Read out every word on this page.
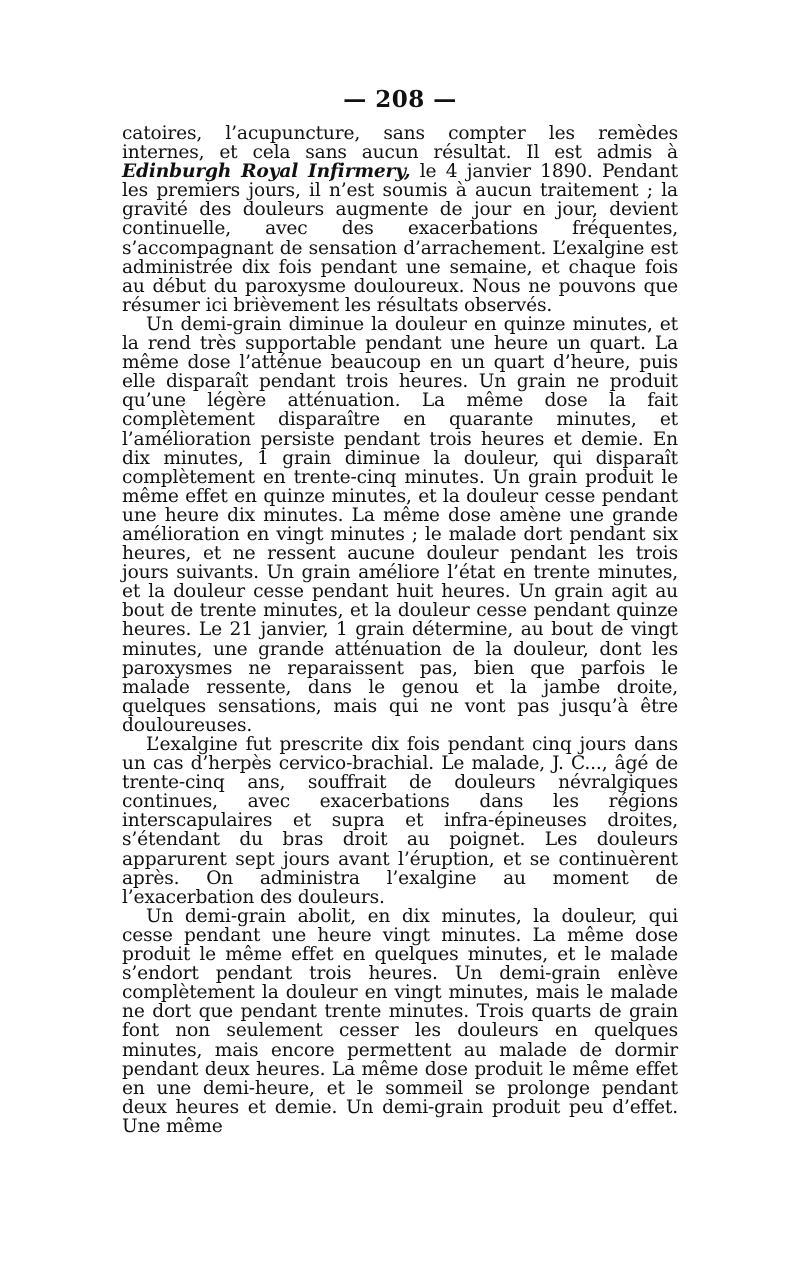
— 208 —

catoires, l’acupuncture, sans compter les remèdes internes, et cela sans aucun résultat. Il est admis à Edinburgh Royal Infirmery, le 4 janvier 1890. Pendant les premiers jours, il n’est soumis à aucun traitement ; la gravité des douleurs augmente de jour en jour, devient continuelle, avec des exacerbations fréquentes, s’accompagnant de sensation d’arrachement. L’exalgine est administrée dix fois pendant une semaine, et chaque fois au début du paroxysme douloureux. Nous ne pouvons que résumer ici brièvement les résultats observés.

Un demi-grain diminue la douleur en quinze minutes, et la rend très supportable pendant une heure un quart. La même dose l’atténue beaucoup en un quart d’heure, puis elle disparaît pendant trois heures. Un grain ne produit qu’une légère atténuation. La même dose la fait complètement disparaître en quarante minutes, et l’amélioration persiste pendant trois heures et demie. En dix minutes, 1 grain diminue la douleur, qui disparaît complètement en trente-cinq minutes. Un grain produit le même effet en quinze minutes, et la douleur cesse pendant une heure dix minutes. La même dose amène une grande amélioration en vingt minutes ; le malade dort pendant six heures, et ne ressent aucune douleur pendant les trois jours suivants. Un grain améliore l’état en trente minutes, et la douleur cesse pendant huit heures. Un grain agit au bout de trente minutes, et la douleur cesse pendant quinze heures. Le 21 janvier, 1 grain détermine, au bout de vingt minutes, une grande atténuation de la douleur, dont les paroxysmes ne reparaissent pas, bien que parfois le malade ressente, dans le genou et la jambe droite, quelques sensations, mais qui ne vont pas jusqu’à être douloureuses.

L’exalgine fut prescrite dix fois pendant cinq jours dans un cas d’herpès cervico-brachial. Le malade, J. C..., âgé de trente-cinq ans, souffrait de douleurs névralgiques continues, avec exacerbations dans les régions interscapulaires et supra et infra-épineuses droites, s’étendant du bras droit au poignet. Les douleurs apparurent sept jours avant l’éruption, et se continuèrent après. On administra l’exalgine au moment de l’exacerbation des douleurs.

Un demi-grain abolit, en dix minutes, la douleur, qui cesse pendant une heure vingt minutes. La même dose produit le même effet en quelques minutes, et le malade s’endort pendant trois heures. Un demi-grain enlève complètement la douleur en vingt minutes, mais le malade ne dort que pendant trente minutes. Trois quarts de grain font non seulement cesser les douleurs en quelques minutes, mais encore permettent au malade de dormir pendant deux heures. La même dose produit le même effet en une demi-heure, et le sommeil se prolonge pendant deux heures et demie. Un demi-grain produit peu d’effet. Une même
